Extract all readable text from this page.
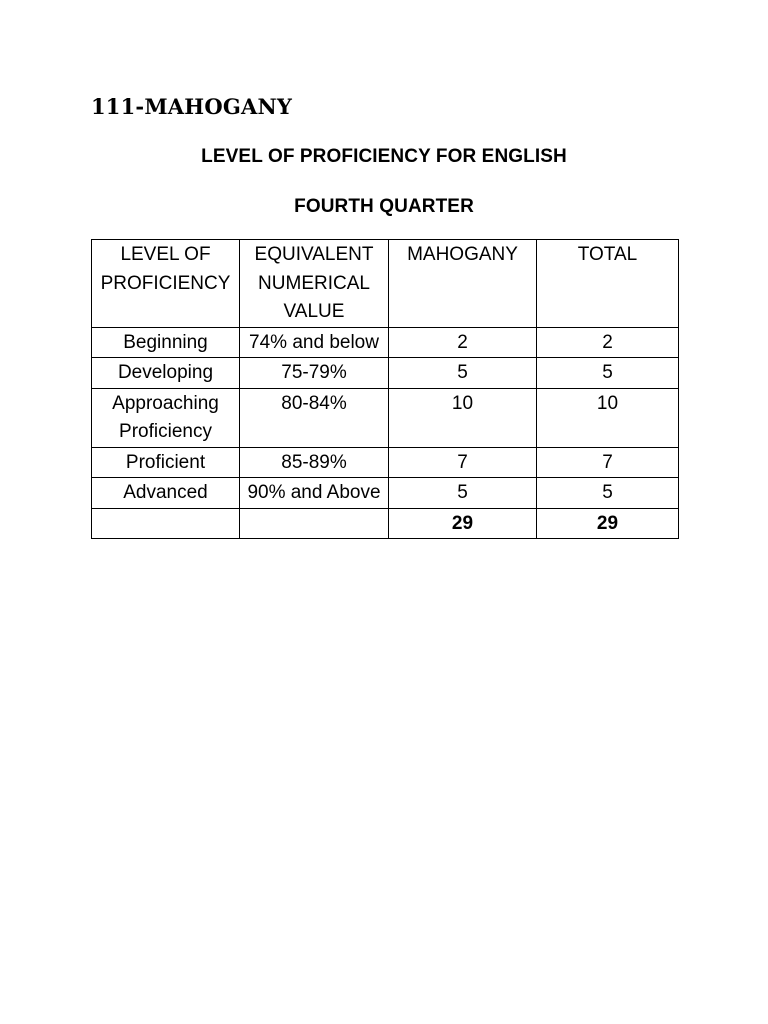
111-MAHOGANY
LEVEL OF PROFICIENCY FOR ENGLISH
FOURTH QUARTER
LEVEL OF PROFICIENCY	EQUIVALENT NUMERICAL VALUE	MAHOGANY	TOTAL
Beginning	74% and below	2	2
Developing	75-79%	5	5
Approaching Proficiency	80-84%	10	10
Proficient	85-89%	7	7
Advanced	90% and Above	5	5
		29	29
